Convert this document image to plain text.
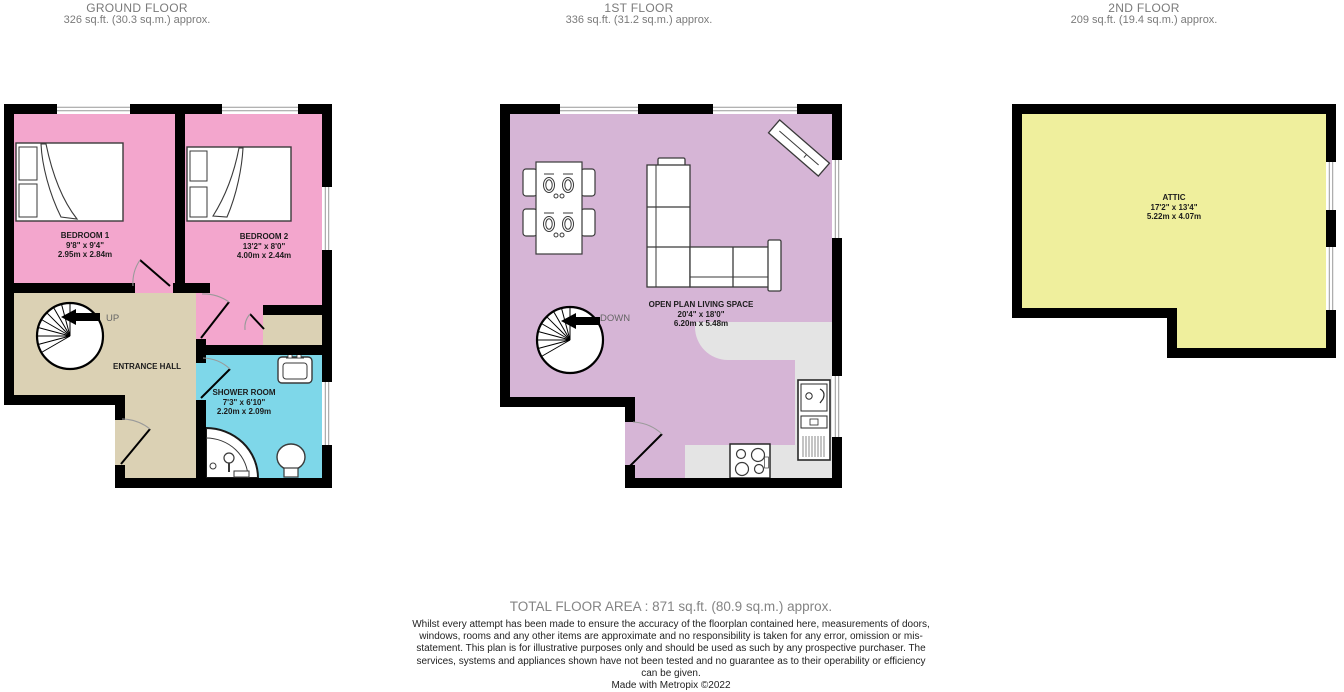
GROUND FLOOR
326 sq.ft. (30.3 sq.m.) approx.
1ST FLOOR
336 sq.ft. (31.2 sq.m.) approx.
2ND FLOOR
209 sq.ft. (19.4 sq.m.) approx.
BEDROOM 1
9'8" x 9'4"
2.95m x 2.84m
BEDROOM 2
13'2" x 8'0"
4.00m x 2.44m
ENTRANCE HALL
SHOWER ROOM
7'3" x 6'10"
2.20m x 2.09m
UP
OPEN PLAN LIVING SPACE
20'4" x 18'0"
6.20m x 5.48m
DOWN
ATTIC
17'2" x 13'4"
5.22m x 4.07m
TOTAL FLOOR AREA : 871 sq.ft. (80.9 sq.m.) approx.
Whilst every attempt has been made to ensure the accuracy of the floorplan contained here, measurements of doors, windows, rooms and any other items are approximate and no responsibility is taken for any error, omission or mis-statement. This plan is for illustrative purposes only and should be used as such by any prospective purchaser. The services, systems and appliances shown have not been tested and no guarantee as to their operability or efficiency can be given.
Made with Metropix ©2022
